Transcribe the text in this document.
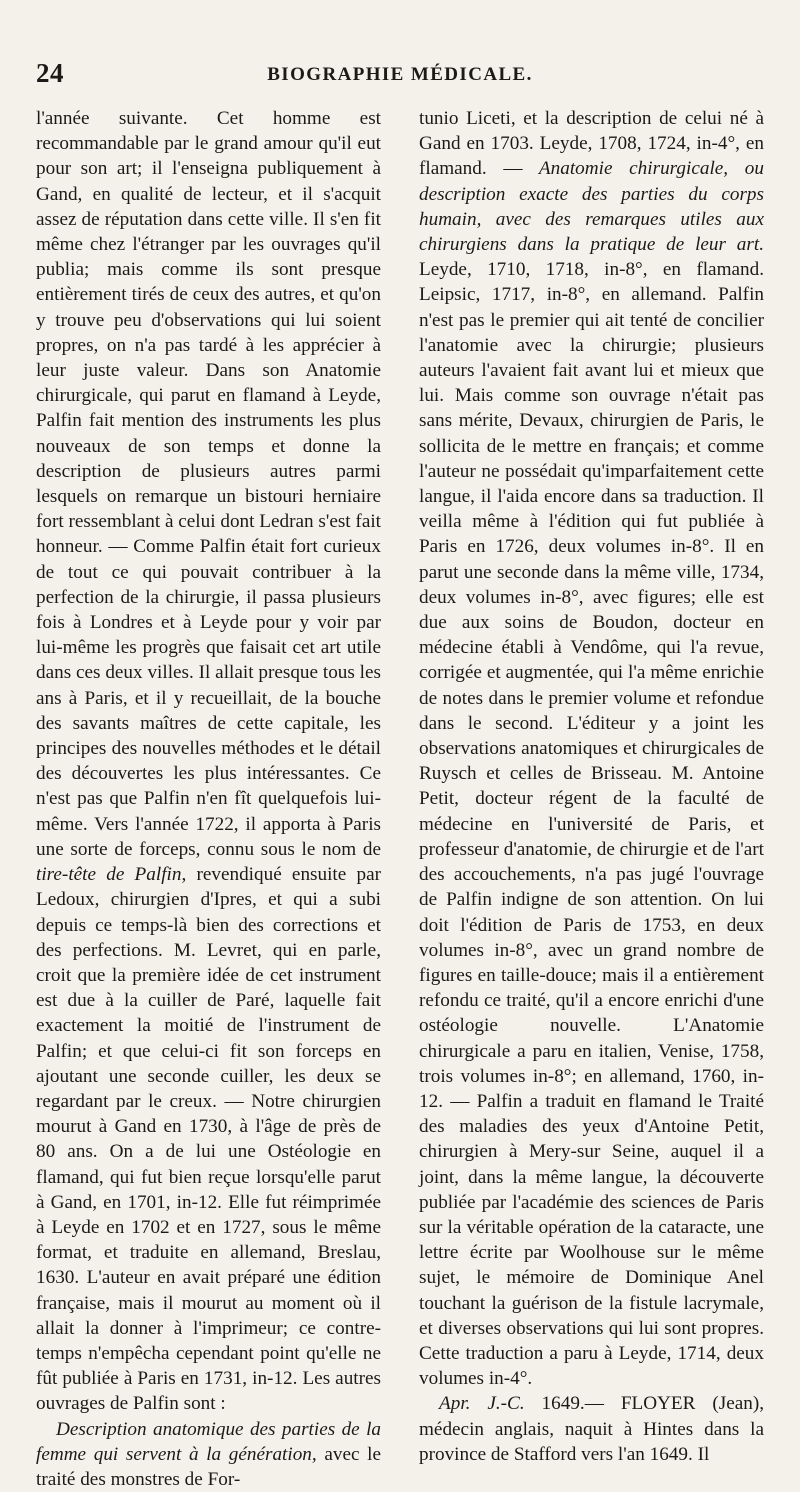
24	BIOGRAPHIE MÉDICALE.

l'année suivante. Cet homme est recommandable par le grand amour qu'il eut pour son art; il l'enseigna publiquement à Gand, en qualité de lecteur, et il s'acquit assez de réputation dans cette ville. Il s'en fit même chez l'étranger par les ouvrages qu'il publia; mais comme ils sont presque entièrement tirés de ceux des autres, et qu'on y trouve peu d'observations qui lui soient propres, on n'a pas tardé à les apprécier à leur juste valeur. Dans son Anatomie chirurgicale, qui parut en flamand à Leyde, Palfin fait mention des instruments les plus nouveaux de son temps et donne la description de plusieurs autres parmi lesquels on remarque un bistouri herniaire fort ressemblant à celui dont Ledran s'est fait honneur. — Comme Palfin était fort curieux de tout ce qui pouvait contribuer à la perfection de la chirurgie, il passa plusieurs fois à Londres et à Leyde pour y voir par lui-même les progrès que faisait cet art utile dans ces deux villes. Il allait presque tous les ans à Paris, et il y recueillait, de la bouche des savants maîtres de cette capitale, les principes des nouvelles méthodes et le détail des découvertes les plus intéressantes. Ce n'est pas que Palfin n'en fît quelquefois lui-même. Vers l'année 1722, il apporta à Paris une sorte de forceps, connu sous le nom de tire-tête de Palfin, revendiqué ensuite par Ledoux, chirurgien d'Ipres, et qui a subi depuis ce temps-là bien des corrections et des perfections. M. Levret, qui en parle, croit que la première idée de cet instrument est due à la cuiller de Paré, laquelle fait exactement la moitié de l'instrument de Palfin; et que celui-ci fit son forceps en ajoutant une seconde cuiller, les deux se regardant par le creux. — Notre chirurgien mourut à Gand en 1730, à l'âge de près de 80 ans. On a de lui une Ostéologie en flamand, qui fut bien reçue lorsqu'elle parut à Gand, en 1701, in-12. Elle fut réimprimée à Leyde en 1702 et en 1727, sous le même format, et traduite en allemand, Breslau, 1630. L'auteur en avait préparé une édition française, mais il mourut au moment où il allait la donner à l'imprimeur; ce contre-temps n'empêcha cependant point qu'elle ne fût publiée à Paris en 1731, in-12. Les autres ouvrages de Palfin sont :

Description anatomique des parties de la femme qui servent à la génération, avec le traité des monstres de For-

tunio Liceti, et la description de celui né à Gand en 1703. Leyde, 1708, 1724, in-4°, en flamand. — Anatomie chirurgicale, ou description exacte des parties du corps humain, avec des remarques utiles aux chirurgiens dans la pratique de leur art. Leyde, 1710, 1718, in-8°, en flamand. Leipsic, 1717, in-8°, en allemand. Palfin n'est pas le premier qui ait tenté de concilier l'anatomie avec la chirurgie; plusieurs auteurs l'avaient fait avant lui et mieux que lui. Mais comme son ouvrage n'était pas sans mérite, Devaux, chirurgien de Paris, le sollicita de le mettre en français; et comme l'auteur ne possédait qu'imparfaitement cette langue, il l'aida encore dans sa traduction. Il veilla même à l'édition qui fut publiée à Paris en 1726, deux volumes in-8°. Il en parut une seconde dans la même ville, 1734, deux volumes in-8°, avec figures; elle est due aux soins de Boudon, docteur en médecine établi à Vendôme, qui l'a revue, corrigée et augmentée, qui l'a même enrichie de notes dans le premier volume et refondue dans le second. L'éditeur y a joint les observations anatomiques et chirurgicales de Ruysch et celles de Brisseau. M. Antoine Petit, docteur régent de la faculté de médecine en l'université de Paris, et professeur d'anatomie, de chirurgie et de l'art des accouchements, n'a pas jugé l'ouvrage de Palfin indigne de son attention. On lui doit l'édition de Paris de 1753, en deux volumes in-8°, avec un grand nombre de figures en taille-douce; mais il a entièrement refondu ce traité, qu'il a encore enrichi d'une ostéologie nouvelle. L'Anatomie chirurgicale a paru en italien, Venise, 1758, trois volumes in-8°; en allemand, 1760, in-12. — Palfin a traduit en flamand le Traité des maladies des yeux d'Antoine Petit, chirurgien à Mery-sur Seine, auquel il a joint, dans la même langue, la découverte publiée par l'académie des sciences de Paris sur la véritable opération de la cataracte, une lettre écrite par Woolhouse sur le même sujet, le mémoire de Dominique Anel touchant la guérison de la fistule lacrymale, et diverses observations qui lui sont propres. Cette traduction a paru à Leyde, 1714, deux volumes in-4°.

Apr. J.-C. 1649.— FLOYER (Jean), médecin anglais, naquit à Hintes dans la province de Stafford vers l'an 1649. Il
